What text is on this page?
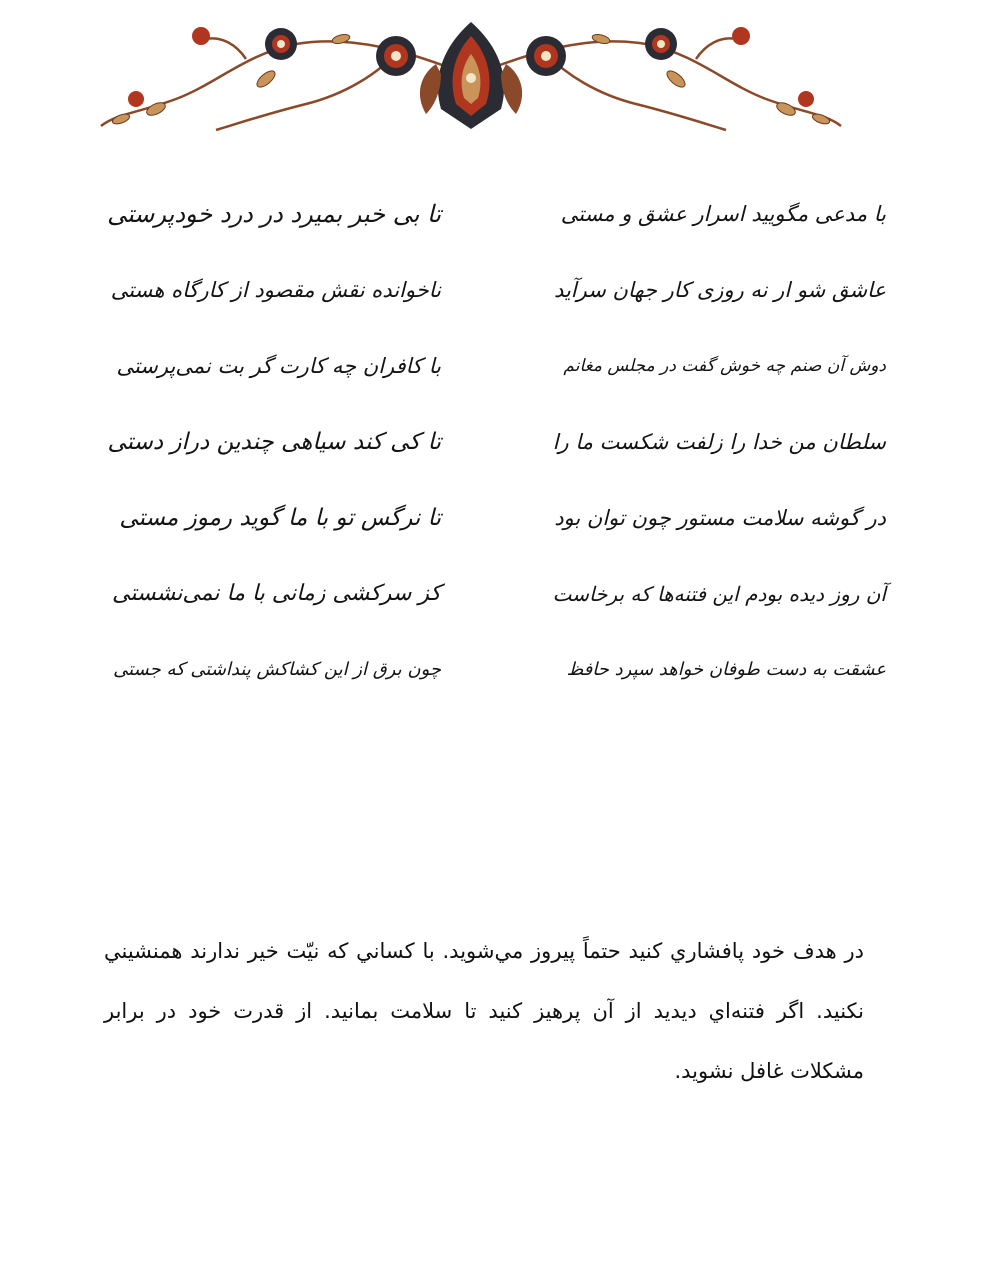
با مدعی مگویید اسرار عشق و مستی
تا بی خبر بمیرد در درد خودپرستی
عاشق شو ار نه روزی کار جهان سرآید
ناخوانده نقش مقصود از کارگاه هستی
دوش آن صنم چه خوش گفت در مجلس مغانم
با کافران چه کارت گر بت نمی‌پرستی
سلطان من خدا را زلفت شکست ما را
تا کی کند سیاهی چندین دراز دستی
در گوشه سلامت مستور چون توان بود
تا نرگس تو با ما گوید رموز مستی
آن روز دیده بودم این فتنه‌ها که برخاست
کز سرکشی زمانی با ما نمی‌نشستی
عشقت به دست طوفان خواهد سپرد حافظ
چون برق از این کشاکش پنداشتی که جستی

در هدف خود پافشاري کنيد حتماً پيروز مي‌شويد. با کساني که نيّت خير ندارند همنشيني نکنيد. اگر فتنه‌اي ديديد از آن پرهيز کنيد تا سلامت بمانيد. از قدرت خود در برابر مشکلات غافل نشويد.
